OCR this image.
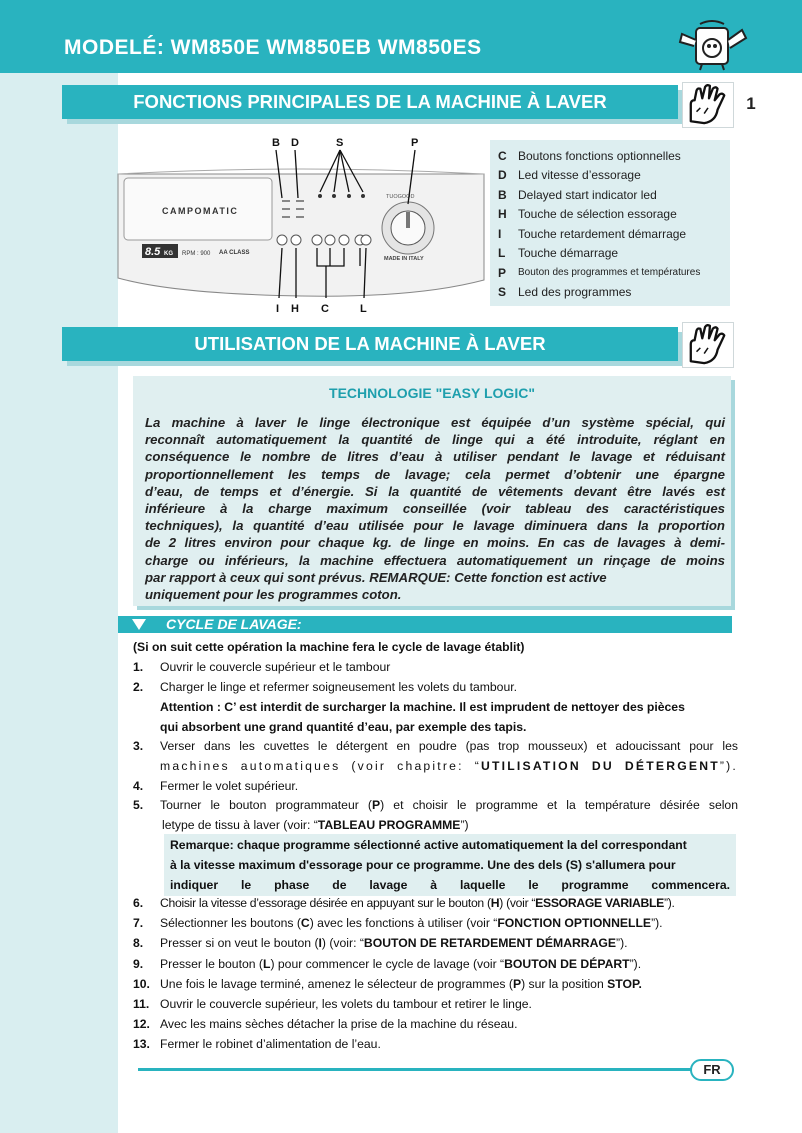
MODELÉ: WM850E WM850EB WM850ES
FONCTIONS PRINCIPALES DE LA MACHINE À LAVER	1
B D	S	P
CAMPOMATIC
8.5 KG RPM : 900 AA CLASS
TUOGOOD
MADE IN ITALY
I H C	L
C Boutons fonctions optionnelles
D Led vitesse d’essorage
B Delayed start indicator led
H Touche de sélection essorage
I	Touche retardement démarrage
L	Touche démarrage
P	Bouton des programmes et températures
S Led des programmes
UTILISATION DE LA MACHINE À LAVER
TECHNOLOGIE "EASY LOGIC"
La machine à laver le linge électronique est équipée d’un système spécial, qui
reconnaît automatiquement la quantité de linge qui a été introduite, réglant en
conséquence le nombre de litres d’eau à utiliser pendant le lavage et réduisant
proportionnellement les temps de lavage; cela permet d’obtenir une épargne
d’eau, de temps et d’énergie. Si la quantité de vêtements devant être lavés est
inférieure à la charge maximum conseillée (voir tableau des caractéristiques
techniques), la quantité d’eau utilisée pour le lavage diminuera dans la proportion
de 2 litres environ pour chaque kg. de linge en moins. En cas de lavages à demi-
charge ou inférieurs, la machine effectuera automatiquement un rinçage de moins
par rapport à ceux qui sont prévus. REMARQUE: Cette fonction est active
uniquement pour les programmes coton.
CYCLE DE LAVAGE:
(Si on suit cette opération la machine fera le cycle de lavage établit)
1. Ouvrir le couvercle supérieur et le tambour
2. Charger le linge et refermer soigneusement les volets du tambour.
Attention : C’ est interdit de surcharger la machine. Il est imprudent de nettoyer des pièces
qui absorbent une grand quantité d’eau, par exemple des tapis.
3. Verser dans les cuvettes le détergent en poudre (pas trop mousseux) et adoucissant pour les
machines automatiques (voir chapitre: “UTILISATION DU DÉTERGENT”).
4. Fermer le volet supérieur.
5. Tourner le bouton programmateur (P) et choisir le programme et la température désirée selon
letype de tissu à laver (voir: “TABLEAU PROGRAMME”)
Remarque: chaque programme sélectionné active automatiquement la del correspondant
à la vitesse maximum d'essorage pour ce programme. Une des dels (S) s'allumera pour
indiquer le phase de lavage à laquelle le programme commencera.
6. Choisir la vitesse d’essorage désirée en appuyant sur le bouton (H) (voir “ESSORAGE VARIABLE”).
7. Sélectionner les boutons (C) avec les fonctions à utiliser (voir “FONCTION OPTIONNELLE”).
8. Presser si on veut le bouton (I) (voir: “BOUTON DE RETARDEMENT DÉMARRAGE”).
9. Presser le bouton (L) pour commencer le cycle de lavage (voir “BOUTON DE DÉPART”).
10. Une fois le lavage terminé, amenez le sélecteur de programmes (P) sur la position STOP.
11. Ouvrir le couvercle supérieur, les volets du tambour et retirer le linge.
12. Avec les mains sèches détacher la prise de la machine du réseau.
13. Fermer le robinet d’alimentation de l’eau.
FR
